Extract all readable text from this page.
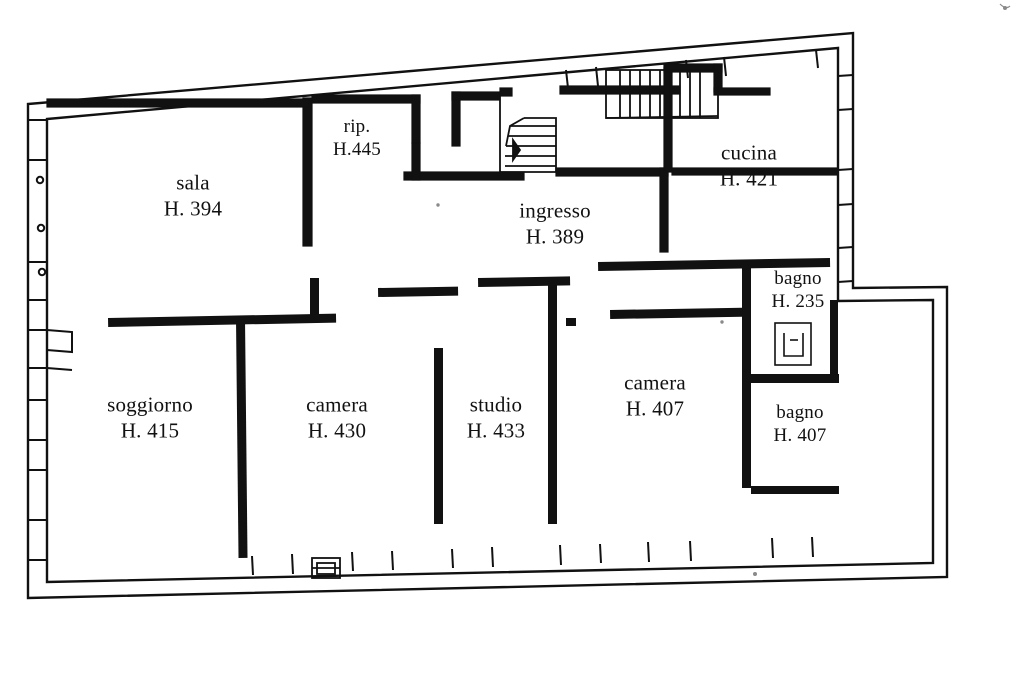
sala
H. 394
rip.
H.445
ingresso
H. 389
cucina
H. 421
bagno
H. 235
bagno
H. 407
camera
H. 407
studio
H. 433
camera
H. 430
soggiorno
H. 415
